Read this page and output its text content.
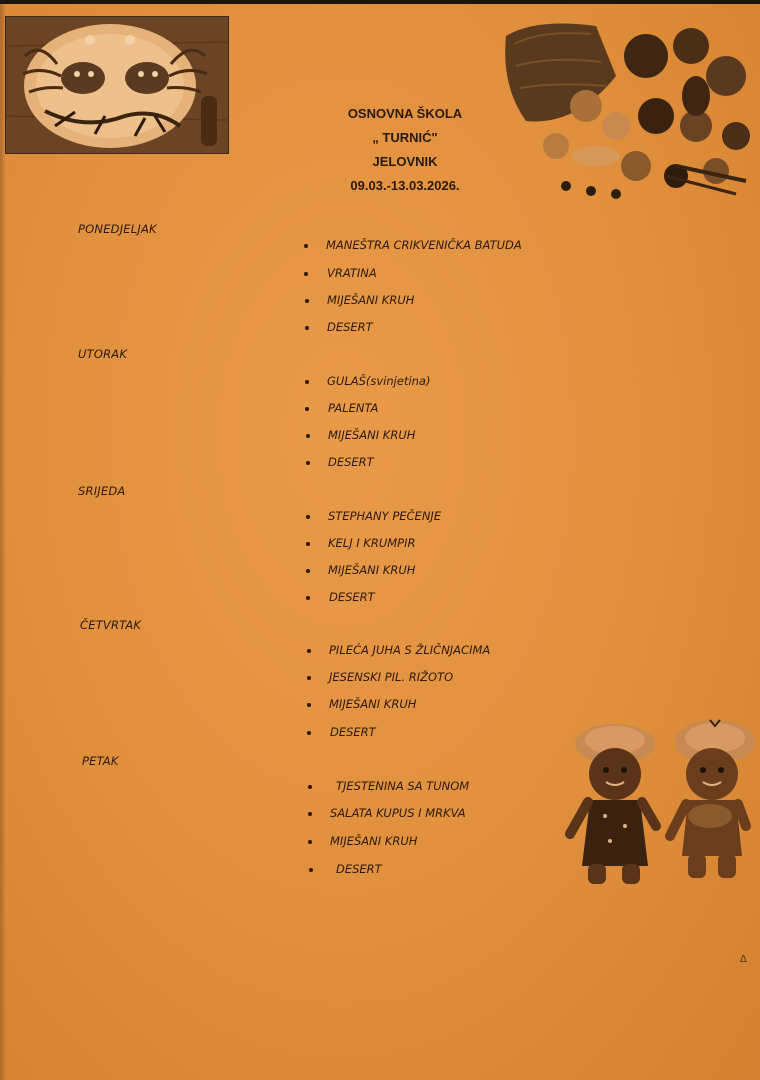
OSNOVNA ŠKOLA
„ TURNIĆ"
JELOVNIK
09.03.-13.03.2026.
PONEDJELJAK
MANEŠTRA CRIKVENIČKA BATUDA
VRATINA
MIJEŠANI KRUH
DESERT
UTORAK
GULAŠ(svinjetina)
PALENTA
MIJEŠANI KRUH
DESERT
SRIJEDA
STEPHANY PEČENJE
KELJ I KRUMPIR
MIJEŠANI KRUH
DESERT
ČETVRTAK
PILEĆA JUHA S ŽLIČNJACIMA
JESENSKI PIL. RIŽOTO
MIJEŠANI KRUH
DESERT
PETAK
TJESTENINA SA TUNOM
SALATA KUPUS I MRKVA
MIJEŠANI KRUH
DESERT
∆
